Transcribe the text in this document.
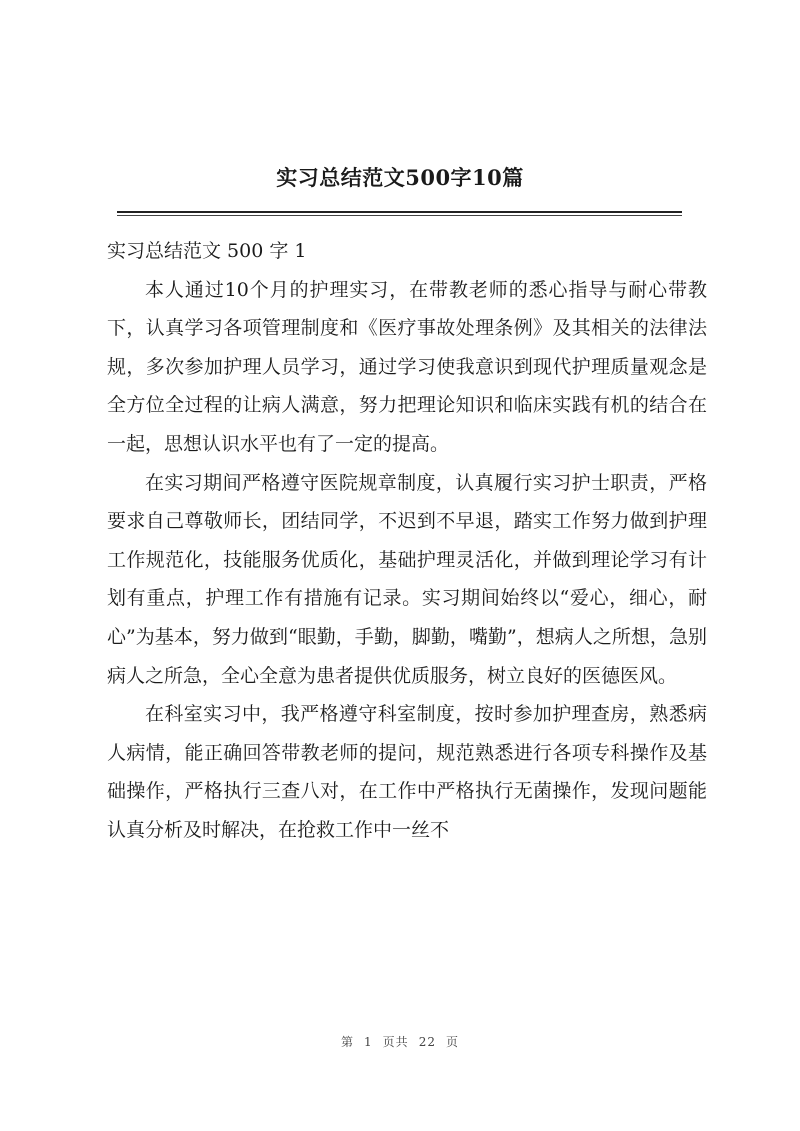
实习总结范文500字10篇
实习总结范文 500 字 1

本人通过10个月的护理实习，在带教老师的悉心指导与耐心带教下，认真学习各项管理制度和《医疗事故处理条例》及其相关的法律法规，多次参加护理人员学习，通过学习使我意识到现代护理质量观念是全方位全过程的让病人满意，努力把理论知识和临床实践有机的结合在一起，思想认识水平也有了一定的提高。

在实习期间严格遵守医院规章制度，认真履行实习护士职责，严格要求自己尊敬师长，团结同学，不迟到不早退，踏实工作努力做到护理工作规范化，技能服务优质化，基础护理灵活化，并做到理论学习有计划有重点，护理工作有措施有记录。实习期间始终以“爱心，细心，耐心”为基本，努力做到“眼勤，手勤，脚勤，嘴勤”，想病人之所想，急别病人之所急，全心全意为患者提供优质服务，树立良好的医德医风。

在科室实习中，我严格遵守科室制度，按时参加护理查房，熟悉病人病情，能正确回答带教老师的提问，规范熟悉进行各项专科操作及基础操作，严格执行三查八对，在工作中严格执行无菌操作，发现问题能认真分析及时解决，在抢救工作中一丝不

第 1 页共 22 页
